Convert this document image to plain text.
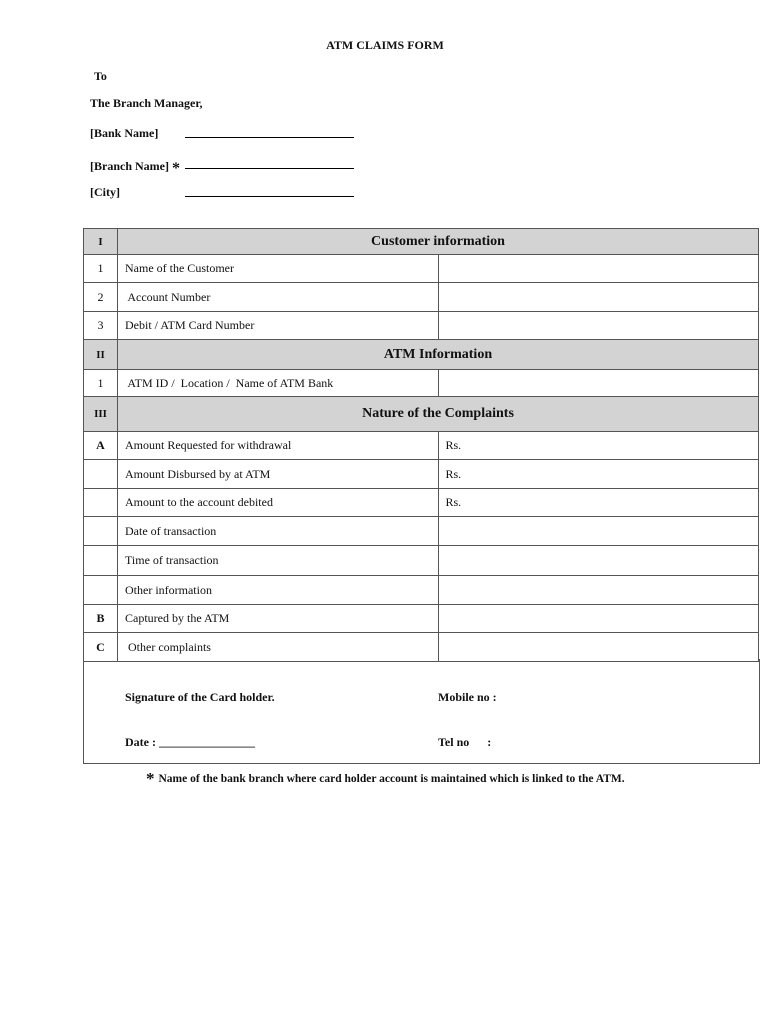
ATM CLAIMS FORM
To
The Branch Manager,
[Bank Name]
[Branch Name] *
[City]
I	Customer information	
1	Name of the Customer	
2	Account Number	
3	Debit / ATM Card Number	
II	ATM Information	
1	ATM ID /  Location /  Name of ATM Bank	
III	Nature of the Complaints	
A	Amount Requested for withdrawal	Rs.
	Amount Disbursed by at ATM	Rs.
	Amount to the account debited	Rs.
	Date of transaction	
	Time of transaction	
	Other information	
B	Captured by the ATM	
C	Other complaints	
Signature of the Card holder.	Mobile no :
Date : ________________	Tel no      :
* Name of the bank branch where card holder account is maintained which is linked to the ATM.
